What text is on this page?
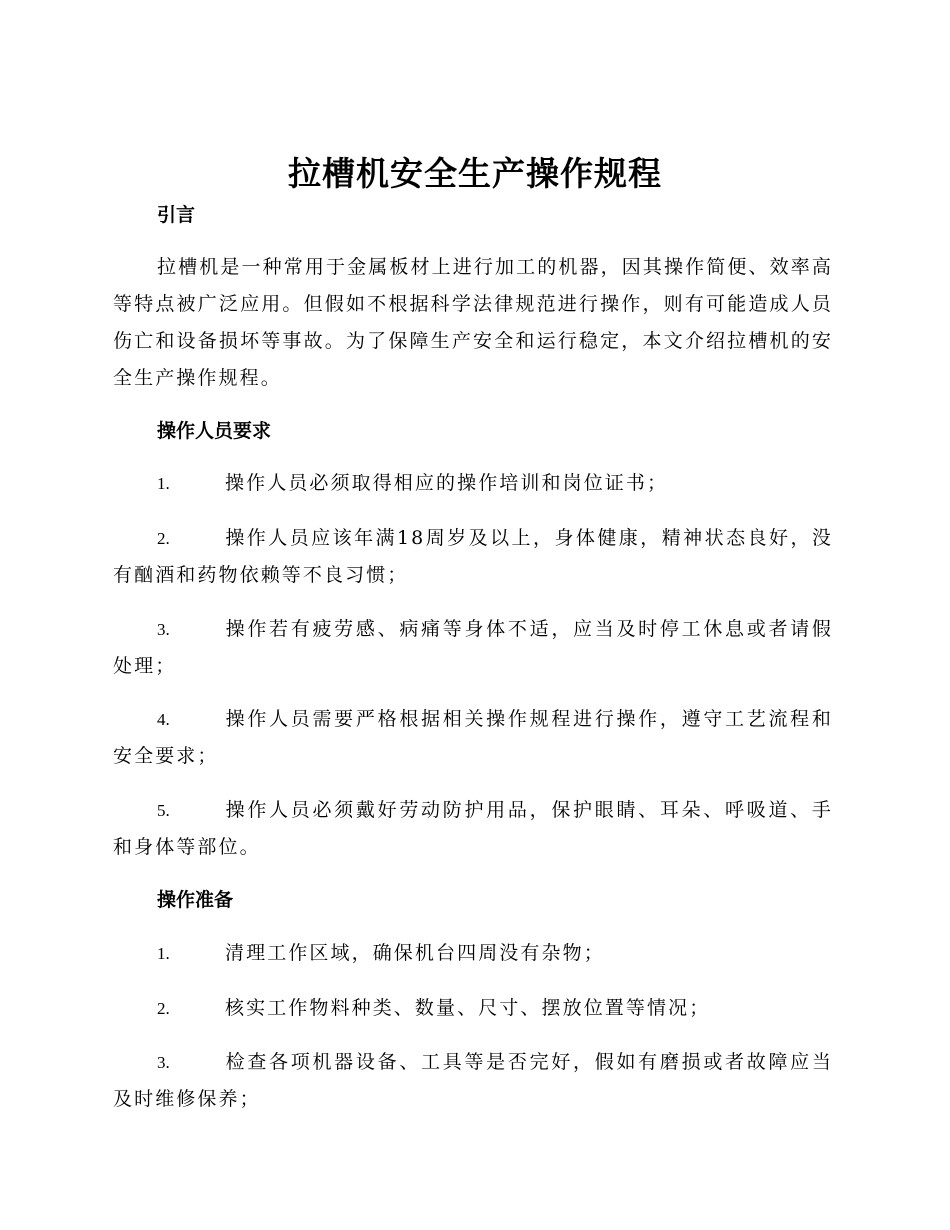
拉槽机安全生产操作规程
引言

拉槽机是一种常用于金属板材上进行加工的机器，因其操作简便、效率高等特点被广泛应用。但假如不根据科学法律规范进行操作，则有可能造成人员伤亡和设备损坏等事故。为了保障生产安全和运行稳定，本文介绍拉槽机的安全生产操作规程。

操作人员要求

1.	操作人员必须取得相应的操作培训和岗位证书；

2.	操作人员应该年满18周岁及以上，身体健康，精神状态良好，没有酗酒和药物依赖等不良习惯；

3.	操作若有疲劳感、病痛等身体不适，应当及时停工休息或者请假处理；

4.	操作人员需要严格根据相关操作规程进行操作，遵守工艺流程和安全要求；

5.	操作人员必须戴好劳动防护用品，保护眼睛、耳朵、呼吸道、手和身体等部位。

操作准备

1.	清理工作区域，确保机台四周没有杂物；

2.	核实工作物料种类、数量、尺寸、摆放位置等情况；

3.	检查各项机器设备、工具等是否完好，假如有磨损或者故障应当及时维修保养；
